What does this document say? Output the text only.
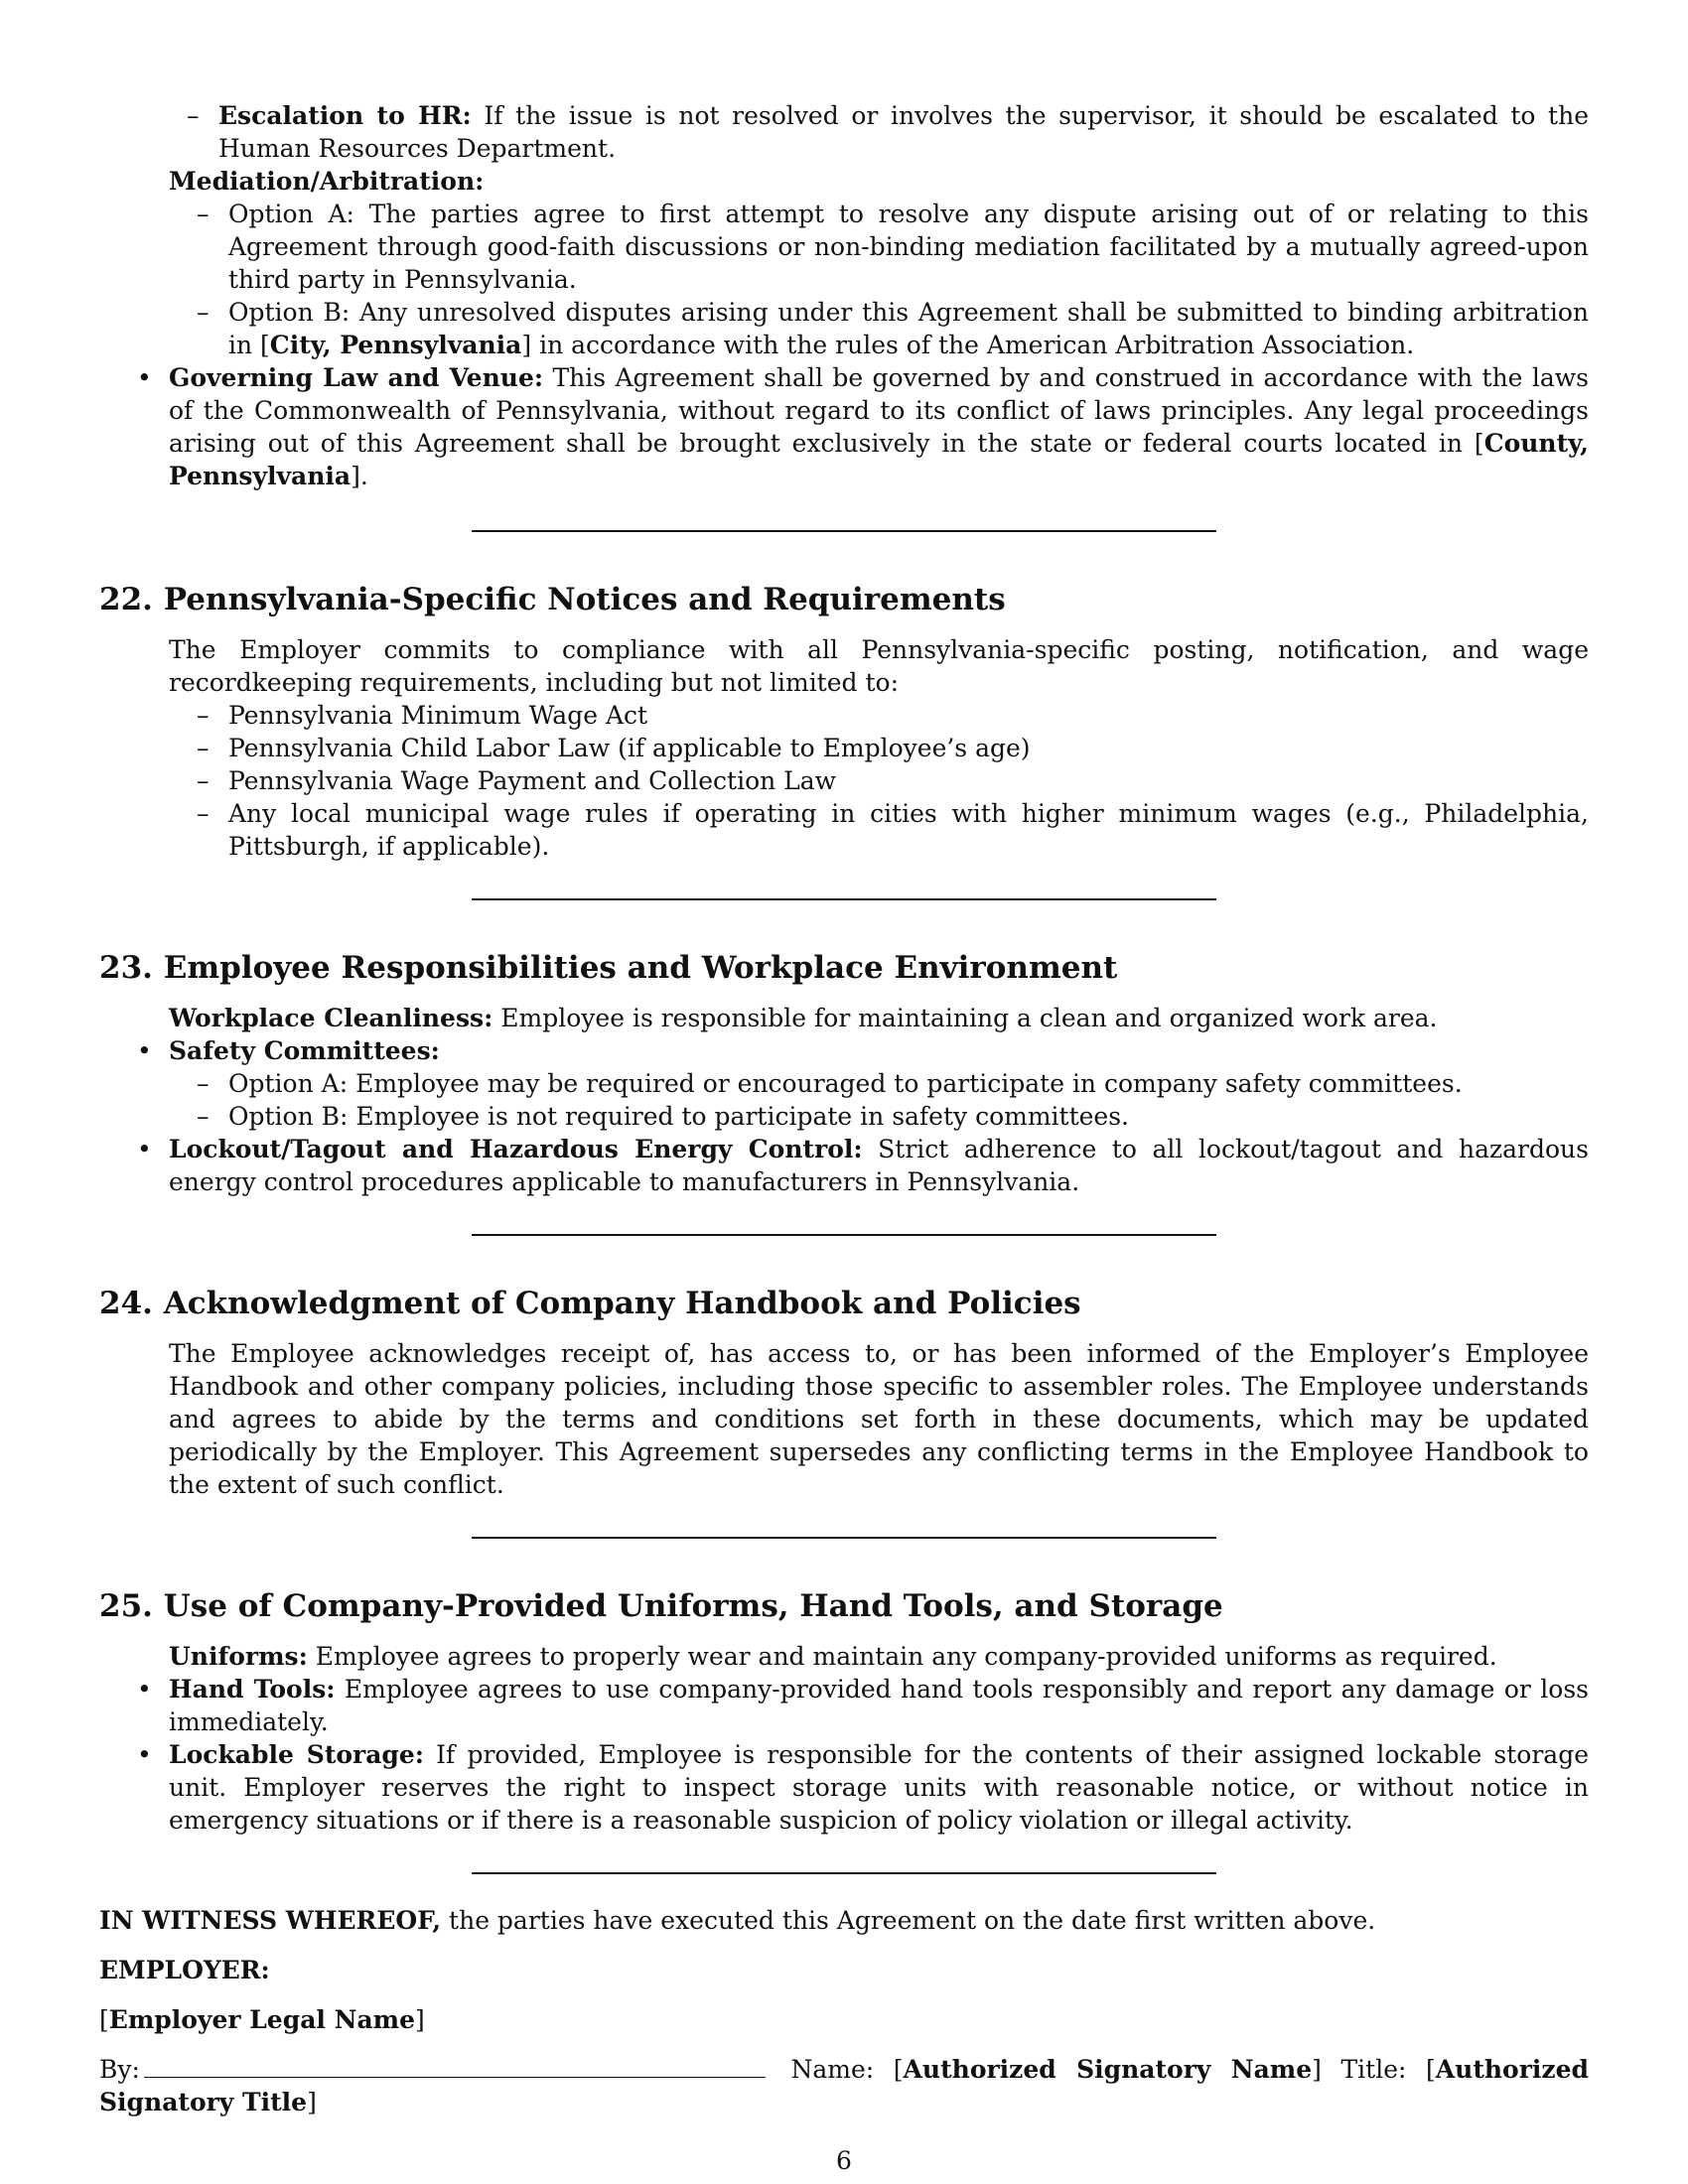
– Escalation to HR: If the issue is not resolved or involves the supervisor, it should be escalated to the Human Resources Department.
Mediation/Arbitration:
– Option A: The parties agree to first attempt to resolve any dispute arising out of or relating to this Agreement through good-faith discussions or non-binding mediation facilitated by a mutually agreed-upon third party in Pennsylvania.
– Option B: Any unresolved disputes arising under this Agreement shall be submitted to binding arbitration in [City, Pennsylvania] in accordance with the rules of the American Arbitration Association.
• Governing Law and Venue: This Agreement shall be governed by and construed in accordance with the laws of the Commonwealth of Pennsylvania, without regard to its conflict of laws principles. Any legal proceedings arising out of this Agreement shall be brought exclusively in the state or federal courts located in [County, Pennsylvania].
22. Pennsylvania-Specific Notices and Requirements
The Employer commits to compliance with all Pennsylvania-specific posting, notification, and wage recordkeeping requirements, including but not limited to:
– Pennsylvania Minimum Wage Act
– Pennsylvania Child Labor Law (if applicable to Employee’s age)
– Pennsylvania Wage Payment and Collection Law
– Any local municipal wage rules if operating in cities with higher minimum wages (e.g., Philadelphia, Pittsburgh, if applicable).
23. Employee Responsibilities and Workplace Environment
Workplace Cleanliness: Employee is responsible for maintaining a clean and organized work area.
• Safety Committees:
– Option A: Employee may be required or encouraged to participate in company safety committees.
– Option B: Employee is not required to participate in safety committees.
• Lockout/Tagout and Hazardous Energy Control: Strict adherence to all lockout/tagout and hazardous energy control procedures applicable to manufacturers in Pennsylvania.
24. Acknowledgment of Company Handbook and Policies
The Employee acknowledges receipt of, has access to, or has been informed of the Employer’s Employee Handbook and other company policies, including those specific to assembler roles. The Employee understands and agrees to abide by the terms and conditions set forth in these documents, which may be updated periodically by the Employer. This Agreement supersedes any conflicting terms in the Employee Handbook to the extent of such conflict.
25. Use of Company-Provided Uniforms, Hand Tools, and Storage
Uniforms: Employee agrees to properly wear and maintain any company-provided uniforms as required.
• Hand Tools: Employee agrees to use company-provided hand tools responsibly and report any damage or loss immediately.
• Lockable Storage: If provided, Employee is responsible for the contents of their assigned lockable storage unit. Employer reserves the right to inspect storage units with reasonable notice, or without notice in emergency situations or if there is a reasonable suspicion of policy violation or illegal activity.

IN WITNESS WHEREOF, the parties have executed this Agreement on the date first written above.

EMPLOYER:

[Employer Legal Name]

By:	Name: [Authorized Signatory Name] Title: [Authorized Signatory Title]

6
